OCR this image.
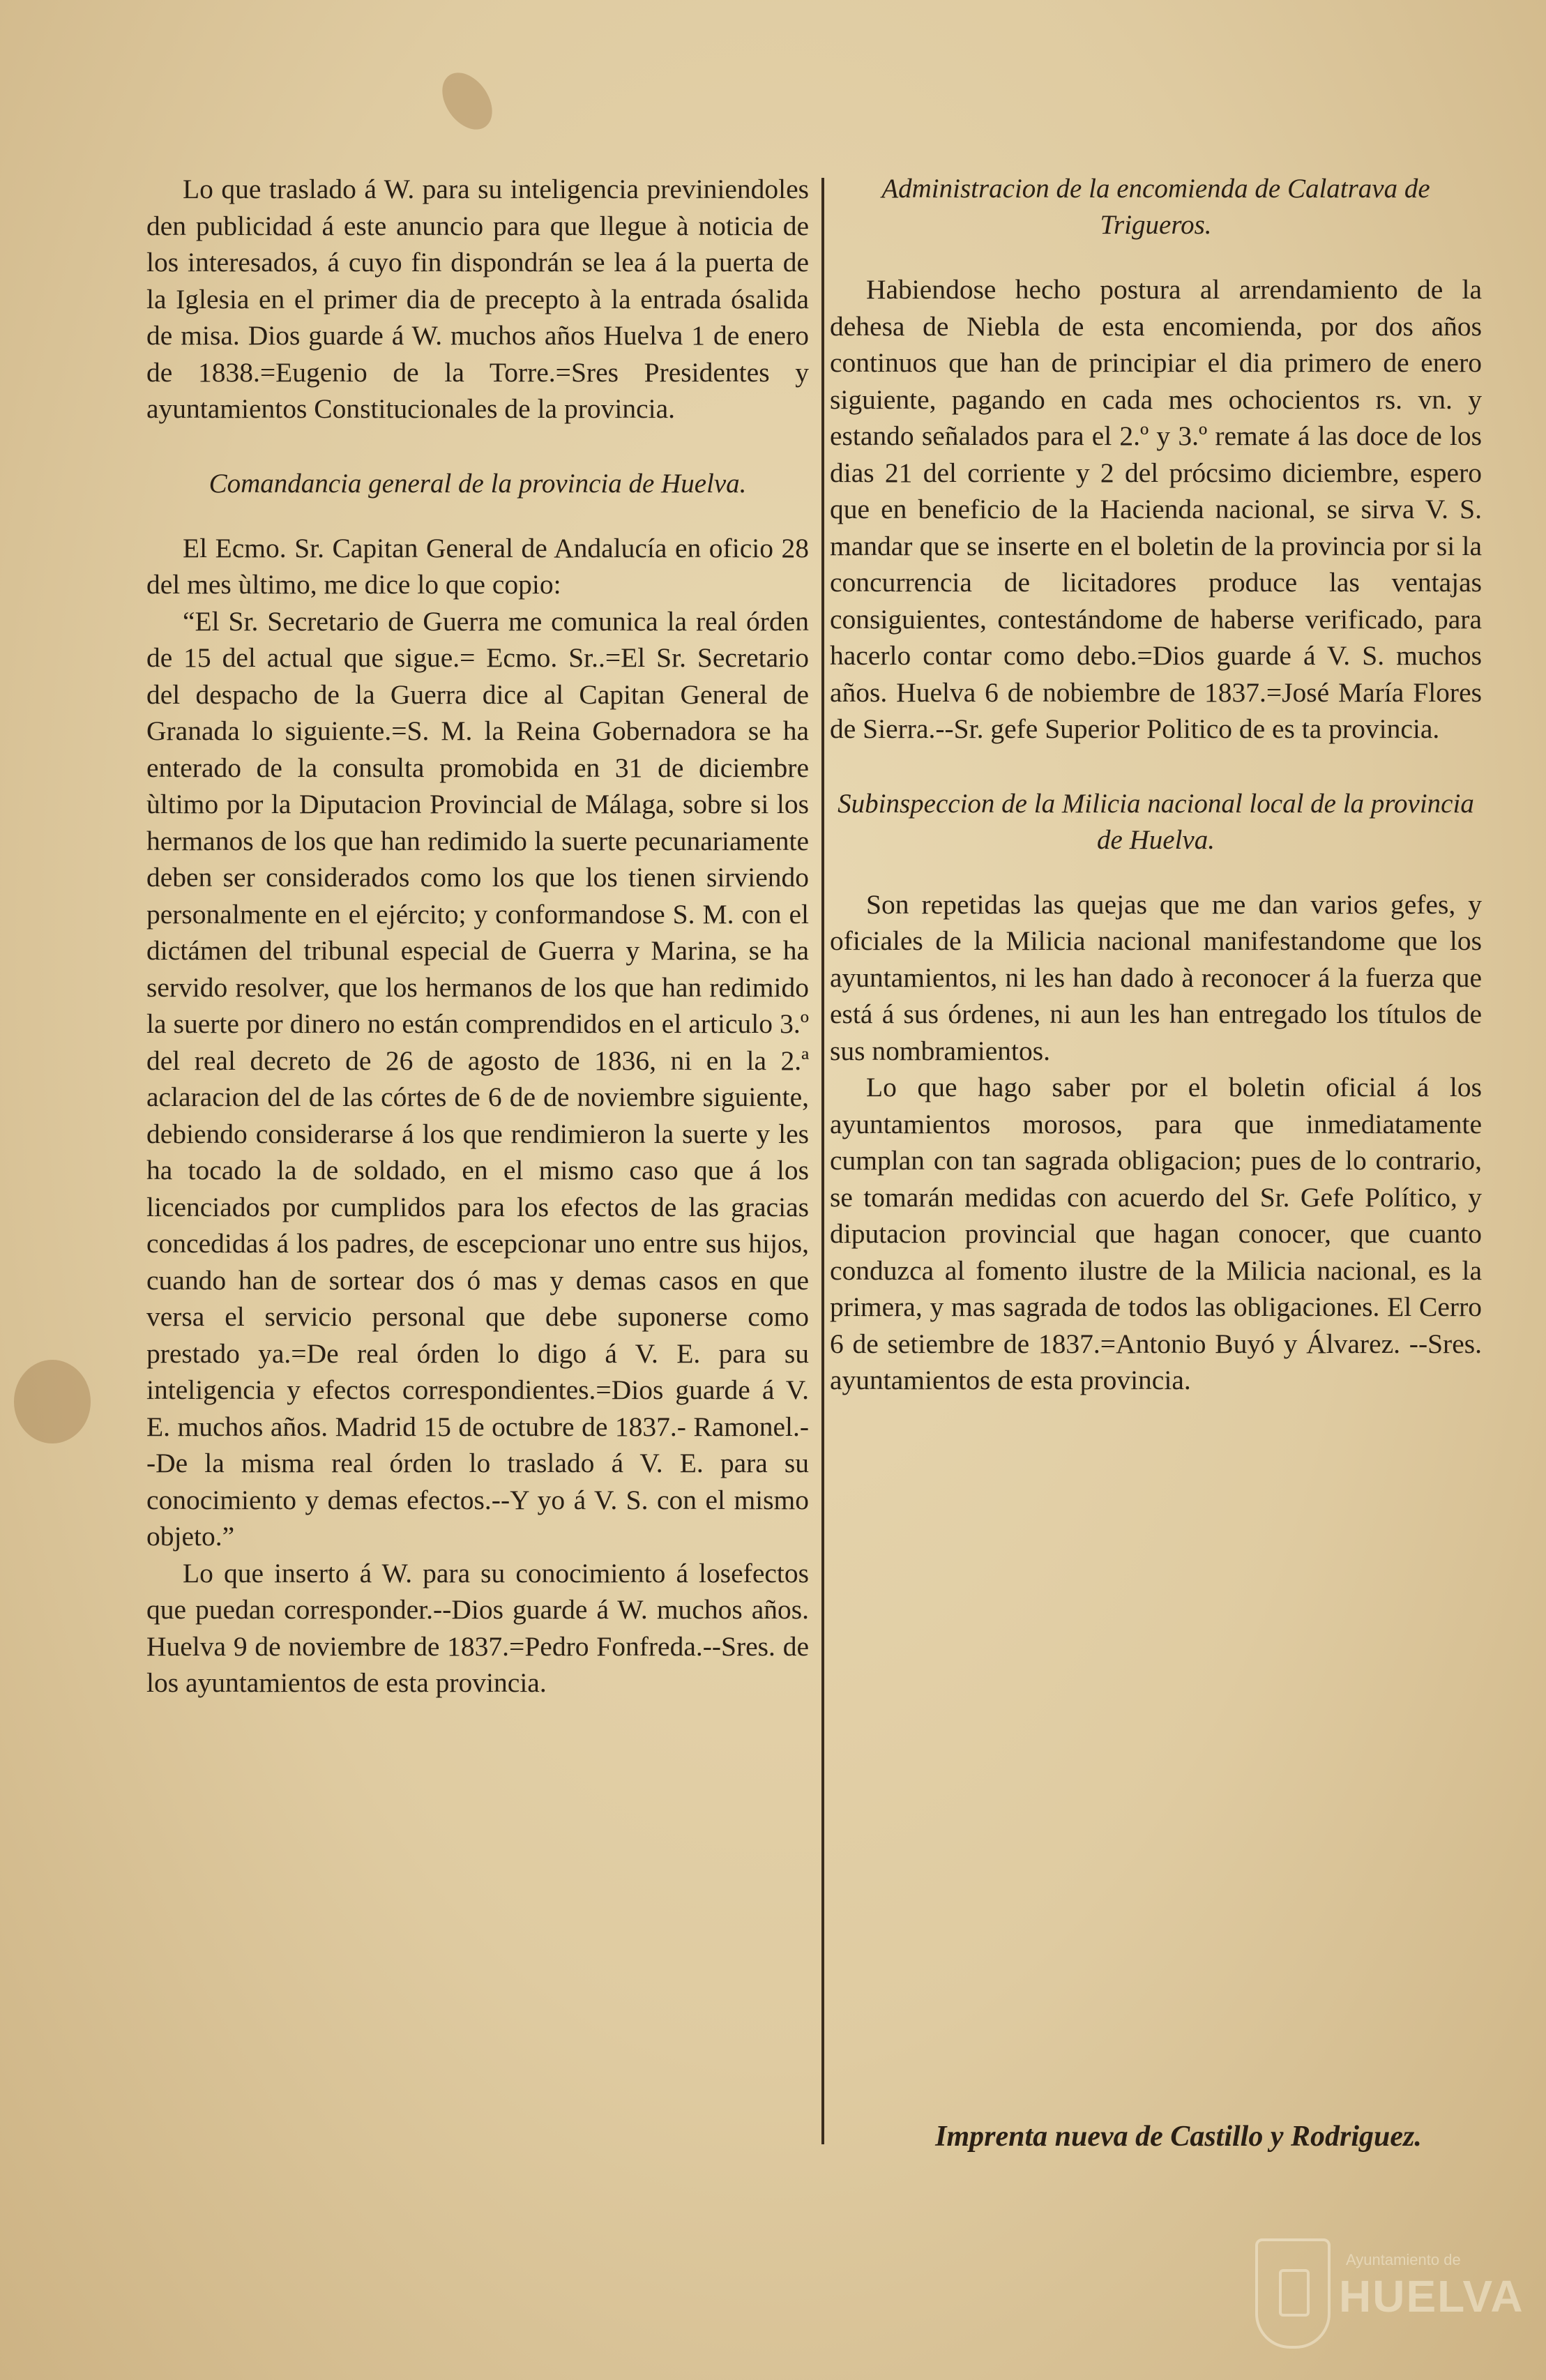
Lo que traslado á W. para su inteligencia previniendoles den publicidad á este anuncio para que llegue à noticia de los interesados, á cuyo fin dispondrán se lea á la puerta de la Iglesia en el primer dia de precepto à la entrada ósalida de misa. Dios guarde á W. muchos años Huelva 1 de enero de 1838.=Eugenio de la Torre.=Sres Presidentes y ayuntamientos Constitucionales de la provincia.

Comandancia general de la provincia de Huelva.

El Ecmo. Sr. Capitan General de Andalucía en oficio 28 del mes ùltimo, me dice lo que copio:

“El Sr. Secretario de Guerra me comunica la real órden de 15 del actual que sigue.= Ecmo. Sr..=El Sr. Secretario del despacho de la Guerra dice al Capitan General de Granada lo siguiente.=S. M. la Reina Gobernadora se ha enterado de la consulta promobida en 31 de diciembre ùltimo por la Diputacion Provincial de Málaga, sobre si los hermanos de los que han redimido la suerte pecunariamente deben ser considerados como los que los tienen sirviendo personalmente en el ejército; y conformandose S. M. con el dictámen del tribunal especial de Guerra y Marina, se ha servido resolver, que los hermanos de los que han redimido la suerte por dinero no están comprendidos en el articulo 3.º del real decreto de 26 de agosto de 1836, ni en la 2.ª aclaracion del de las córtes de 6 de de noviembre siguiente, debiendo considerarse á los que rendimieron la suerte y les ha tocado la de soldado, en el mismo caso que á los licenciados por cumplidos para los efectos de las gracias concedidas á los padres, de escepcionar uno entre sus hijos, cuando han de sortear dos ó mas y demas casos en que versa el servicio personal que debe suponerse como prestado ya.=De real órden lo digo á V. E. para su inteligencia y efectos correspondientes.=Dios guarde á V. E. muchos años. Madrid 15 de octubre de 1837.- Ramonel.--De la misma real órden lo traslado á V. E. para su conocimiento y demas efectos.--Y yo á V. S. con el mismo objeto.”

Lo que inserto á W. para su conocimiento á losefectos que puedan corresponder.--Dios guarde á W. muchos años. Huelva 9 de noviembre de 1837.=Pedro Fonfreda.--Sres. de los ayuntamientos de esta provincia.

Administracion de la encomienda de Calatrava de Trigueros.

Habiendose hecho postura al arrendamiento de la dehesa de Niebla de esta encomienda, por dos años continuos que han de principiar el dia primero de enero siguiente, pagando en cada mes ochocientos rs. vn. y estando señalados para el 2.º y 3.º remate á las doce de los dias 21 del corriente y 2 del prócsimo diciembre, espero que en beneficio de la Hacienda nacional, se sirva V. S. mandar que se inserte en el boletin de la provincia por si la concurrencia de licitadores produce las ventajas consiguientes, contestándome de haberse verificado, para hacerlo contar como debo.=Dios guarde á V. S. muchos años. Huelva 6 de nobiembre de 1837.=José María Flores de Sierra.--Sr. gefe Superior Politico de es ta provincia.

Subinspeccion de la Milicia nacional local de la provincia de Huelva.

Son repetidas las quejas que me dan varios gefes, y oficiales de la Milicia nacional manifestandome que los ayuntamientos, ni les han dado à reconocer á la fuerza que está á sus órdenes, ni aun les han entregado los títulos de sus nombramientos.

Lo que hago saber por el boletin oficial á los ayuntamientos morosos, para que inmediatamente cumplan con tan sagrada obligacion; pues de lo contrario, se tomarán medidas con acuerdo del Sr. Gefe Político, y diputacion provincial que hagan conocer, que cuanto conduzca al fomento ilustre de la Milicia nacional, es la primera, y mas sagrada de todos las obligaciones. El Cerro 6 de setiembre de 1837.=Antonio Buyó y Álvarez. --Sres. ayuntamientos de esta provincia.

Imprenta nueva de Castillo y Rodriguez.
Ayuntamiento de
HUELVA
